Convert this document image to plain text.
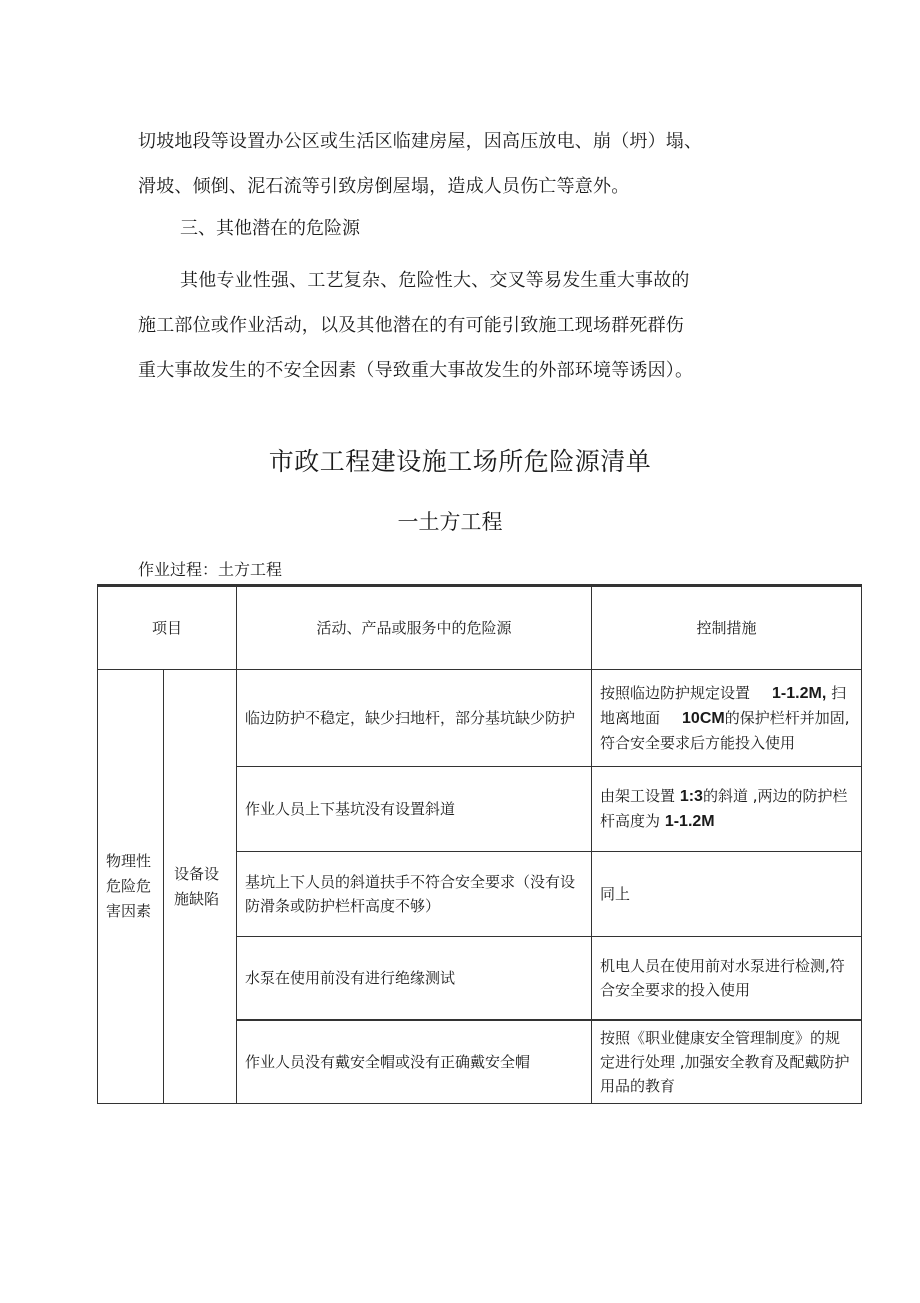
切坡地段等设置办公区或生活区临建房屋，因高压放电、崩（坍）塌、
滑坡、倾倒、泥石流等引致房倒屋塌，造成人员伤亡等意外。

三、其他潜在的危险源

其他专业性强、工艺复杂、危险性大、交叉等易发生重大事故的
施工部位或作业活动，以及其他潜在的有可能引致施工现场群死群伤
重大事故发生的不安全因素（导致重大事故发生的外部环境等诱因）。

市政工程建设施工场所危险源清单
一土方工程
作业过程：土方工程
项目		活动、产品或服务中的危险源	控制措施
物理性危险危害因素	设备设施缺陷	临边防护不稳定，缺少扫地杆，部分基坑缺少防护	按照临边防护规定设置 1-1.2M, 扫地离地面 10CM的保护栏杆并加固,符合安全要求后方能投入使用
		作业人员上下基坑没有设置斜道	由架工设置 1:3的斜道 ,两边的防护栏杆高度为 1-1.2M
		基坑上下人员的斜道扶手不符合安全要求（没有设防滑条或防护栏杆高度不够）	同上
		水泵在使用前没有进行绝缘测试	机电人员在使用前对水泵进行检测,符合安全要求的投入使用
		作业人员没有戴安全帽或没有正确戴安全帽	按照《职业健康安全管理制度》的规定进行处理 ,加强安全教育及配戴防护用品的教育
